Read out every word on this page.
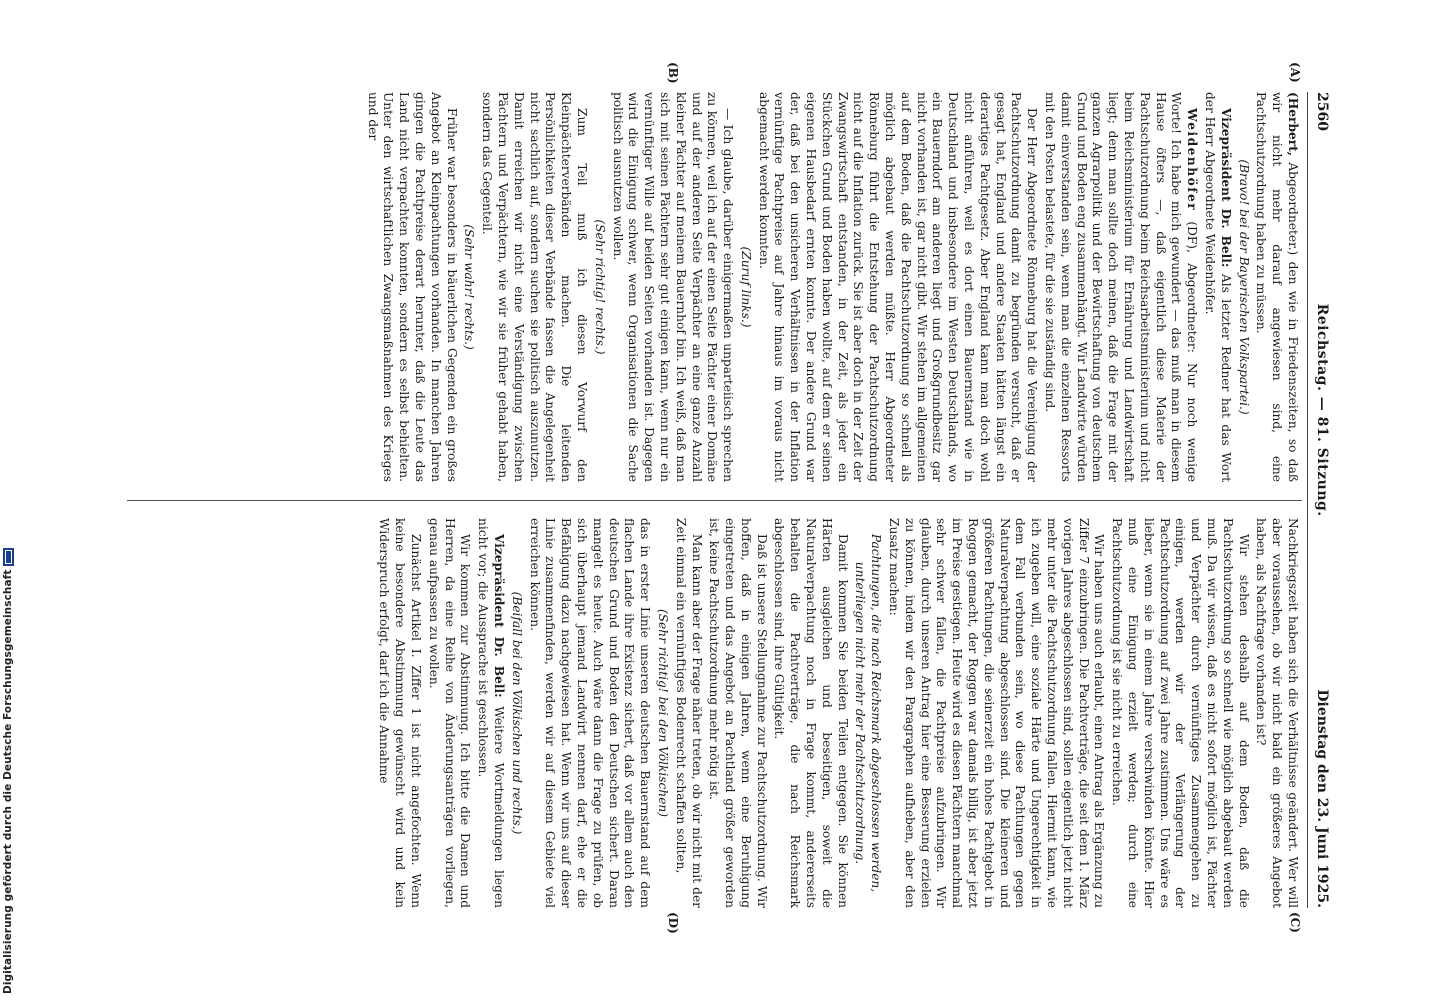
Digitalisierung gefördert durch die Deutsche Forschungsgemeinschaft
2560
Reichstag. — 81. Sitzung.
Dienstag den 23. Juni 1925.
(A)
(B)
(C)
(D)

(Herbert, Abgeordneter.) den wie in Friedenszeiten, so daß wir nicht mehr darauf angewiesen sind, eine Pachtschutzordnung haben zu müssen.

(Bravo! bei der Bayerischen Volkspartei.)

Vizepräsident Dr. Bell: Als letzter Redner hat das Wort der Herr Abgeordnete Weidenhöfer.

Weidenhöfer (DF), Abgeordneter: Nur noch wenige Worte! Ich habe mich gewundert — das muß man in diesem Hause öfters —, daß eigentlich diese Materie der Pachtschutzordnung beim Reichsarbeitsministerium und nicht beim Reichsministerium für Ernährung und Landwirtschaft liegt; denn man sollte doch meinen, daß die Frage mit der ganzen Agrarpolitik und der Bewirtschaftung von deutschem Grund und Boden eng zusammenhängt. Wir Landwirte würden damit einverstanden sein, wenn man die einzelnen Ressorts mit den Posten belastete, für die sie zuständig sind.

Der Herr Abgeordnete Rönneburg hat die Vereinigung der Pachtschutzordnung damit zu begründen versucht, daß er gesagt hat, England und andere Staaten hätten längst ein derartiges Pachtgesetz. Aber England kann man doch wohl nicht anführen, weil es dort einen Bauernstand wie in Deutschland und insbesondere im Westen Deutschlands, wo ein Bauerndorf am anderen liegt und Großgrundbesitz gar nicht vorhanden ist, gar nicht gibt. Wir stehen im allgemeinen auf dem Boden, daß die Pachtschutzordnung so schnell als möglich abgebaut werden müßte. Herr Abgeordneter Rönneburg führt die Entstehung der Pachtschutzordnung nicht auf die Inflation zurück. Sie ist aber doch in der Zeit der Zwangswirtschaft entstanden, in der Zeit, als jeder ein Stückchen Grund und Boden haben wollte, auf dem er seinen eigenen Hausbedarf ernten konnte. Der andere Grund war der, daß bei den unsicheren Verhältnissen in der Inflation vernünftige Pachtpreise auf Jahre hinaus im voraus nicht abgemacht werden konnten.

(Zuruf links.)

— Ich glaube, darüber einigermaßen unparteiisch sprechen zu können, weil ich auf der einen Seite Pächter einer Domäne und auf der anderen Seite Verpächter an eine ganze Anzahl kleiner Pächter auf meinem Bauernhof bin. Ich weiß, daß man sich mit seinen Pächtern sehr gut einigen kann, wenn nur ein vernünftiger Wille auf beiden Seiten vorhanden ist. Dagegen wird die Einigung schwer, wenn Organisationen die Sache politisch ausnutzen wollen.

(Sehr richtig! rechts.)

Zum Teil muß ich diesen Vorwurf den Kleinpächterverbänden machen. Die leitenden Persönlichkeiten dieser Verbände fassen die Angelegenheit nicht sachlich auf, sondern suchen sie politisch auszunutzen. Damit erreichen wir nicht eine Verständigung zwischen Pächtern und Verpächtern, wie wir sie früher gehabt haben, sondern das Gegenteil.

(Sehr wahr! rechts.)

Früher war besonders in bäuerlichen Gegenden ein großes Angebot an Kleinpachtungen vorhanden. In manchen Jahren gingen die Pachtpreise derart herunter, daß die Leute das Land nicht verpachten konnten, sondern es selbst behielten. Unter den wirtschaftlichen Zwangsmaßnahmen des Krieges und der

Nachkriegszeit haben sich die Verhältnisse geändert. Wer will aber voraussehen, ob wir nicht bald ein größeres Angebot haben, als Nachfrage vorhanden ist?

Wir stehen deshalb auf dem Boden, daß die Pachtschutzordnung so schnell wie möglich abgebaut werden muß. Da wir wissen, daß es nicht sofort möglich ist, Pächter und Verpächter durch vernünftiges Zusammengehen zu einigen, werden wir der Verlängerung der Pachtschutzordnung auf zwei Jahre zustimmen. Uns wäre es lieber, wenn sie in einem Jahre verschwinden könnte. Hier muß eine Einigung erzielt werden; durch eine Pachtschutzordnung ist sie nicht zu erreichen.

Wir haben uns auch erlaubt, einen Antrag als Ergänzung zu Ziffer 7 einzubringen. Die Pachtverträge, die seit dem 1. März vorigen Jahres abgeschlossen sind, sollen eigentlich jetzt nicht mehr unter die Pachtschutzordnung fallen. Hiermit kann, wie ich zugeben will, eine soziale Härte und Ungerechtigkeit in dem Fall verbunden sein, wo diese Pachtungen gegen Naturalverpachtung abgeschlossen sind. Die kleineren und größeren Pachtungen, die seinerzeit ein hohes Pachtgebot in Roggen gemacht, der Roggen war damals billig, ist aber jetzt im Preise gestiegen. Heute wird es diesen Pächtern manchmal sehr schwer fallen, die Pachtpreise aufzubringen. Wir glauben, durch unseren Antrag hier eine Besserung erzielen zu können, indem wir den Paragraphen aufheben, aber den Zusatz machen:

Pachtungen, die nach Reichsmark abgeschlossen werden, unterliegen nicht mehr der Pachtschutzordnung.

Damit kommen Sie beiden Teilen entgegen. Sie können Härten ausgleichen und beseitigen, soweit die Naturalverpachtung noch in Frage kommt, andererseits behalten die Pachtverträge, die nach Reichsmark abgeschlossen sind, ihre Gültigkeit.

Daß ist unsere Stellungnahme zur Pachtschutzordnung. Wir hoffen, daß in einigen Jahren, wenn eine Beruhigung eingetreten und das Angebot an Pachtland größer geworden ist, keine Pachtschutzordnung mehr nötig ist.

Man kann aber der Frage näher treten, ob wir nicht mit der Zeit einmal ein vernünftiges Bodenrecht schaffen sollten,

(Sehr richtig! bei den Völkischen)

das in erster Linie unseren deutschen Bauernstand auf dem flachen Lande ihre Existenz sichert, daß vor allem auch den deutschen Grund und Boden den Deutschen sichert. Daran mangelt es heute. Auch wäre dann die Frage zu prüfen, ob sich überhaupt jemand Landwirt nennen darf, ehe er die Befähigung dazu nachgewiesen hat. Wenn wir uns auf dieser Linie zusammenfinden, werden wir auf diesem Gebiete viel erreichen können.

(Beifall bei den Völkischen und rechts.)

Vizepräsident Dr. Bell: Weitere Wortmeldungen liegen nicht vor; die Aussprache ist geschlossen.

Wir kommen zur Abstimmung. Ich bitte die Damen und Herren, da eine Reihe von Änderungsanträgen vorliegen, genau aufpassen zu wollen.

Zunächst Artikel I. Ziffer 1 ist nicht angefochten. Wenn keine besondere Abstimmung gewünscht wird und kein Widerspruch erfolgt, darf ich die Annahme
